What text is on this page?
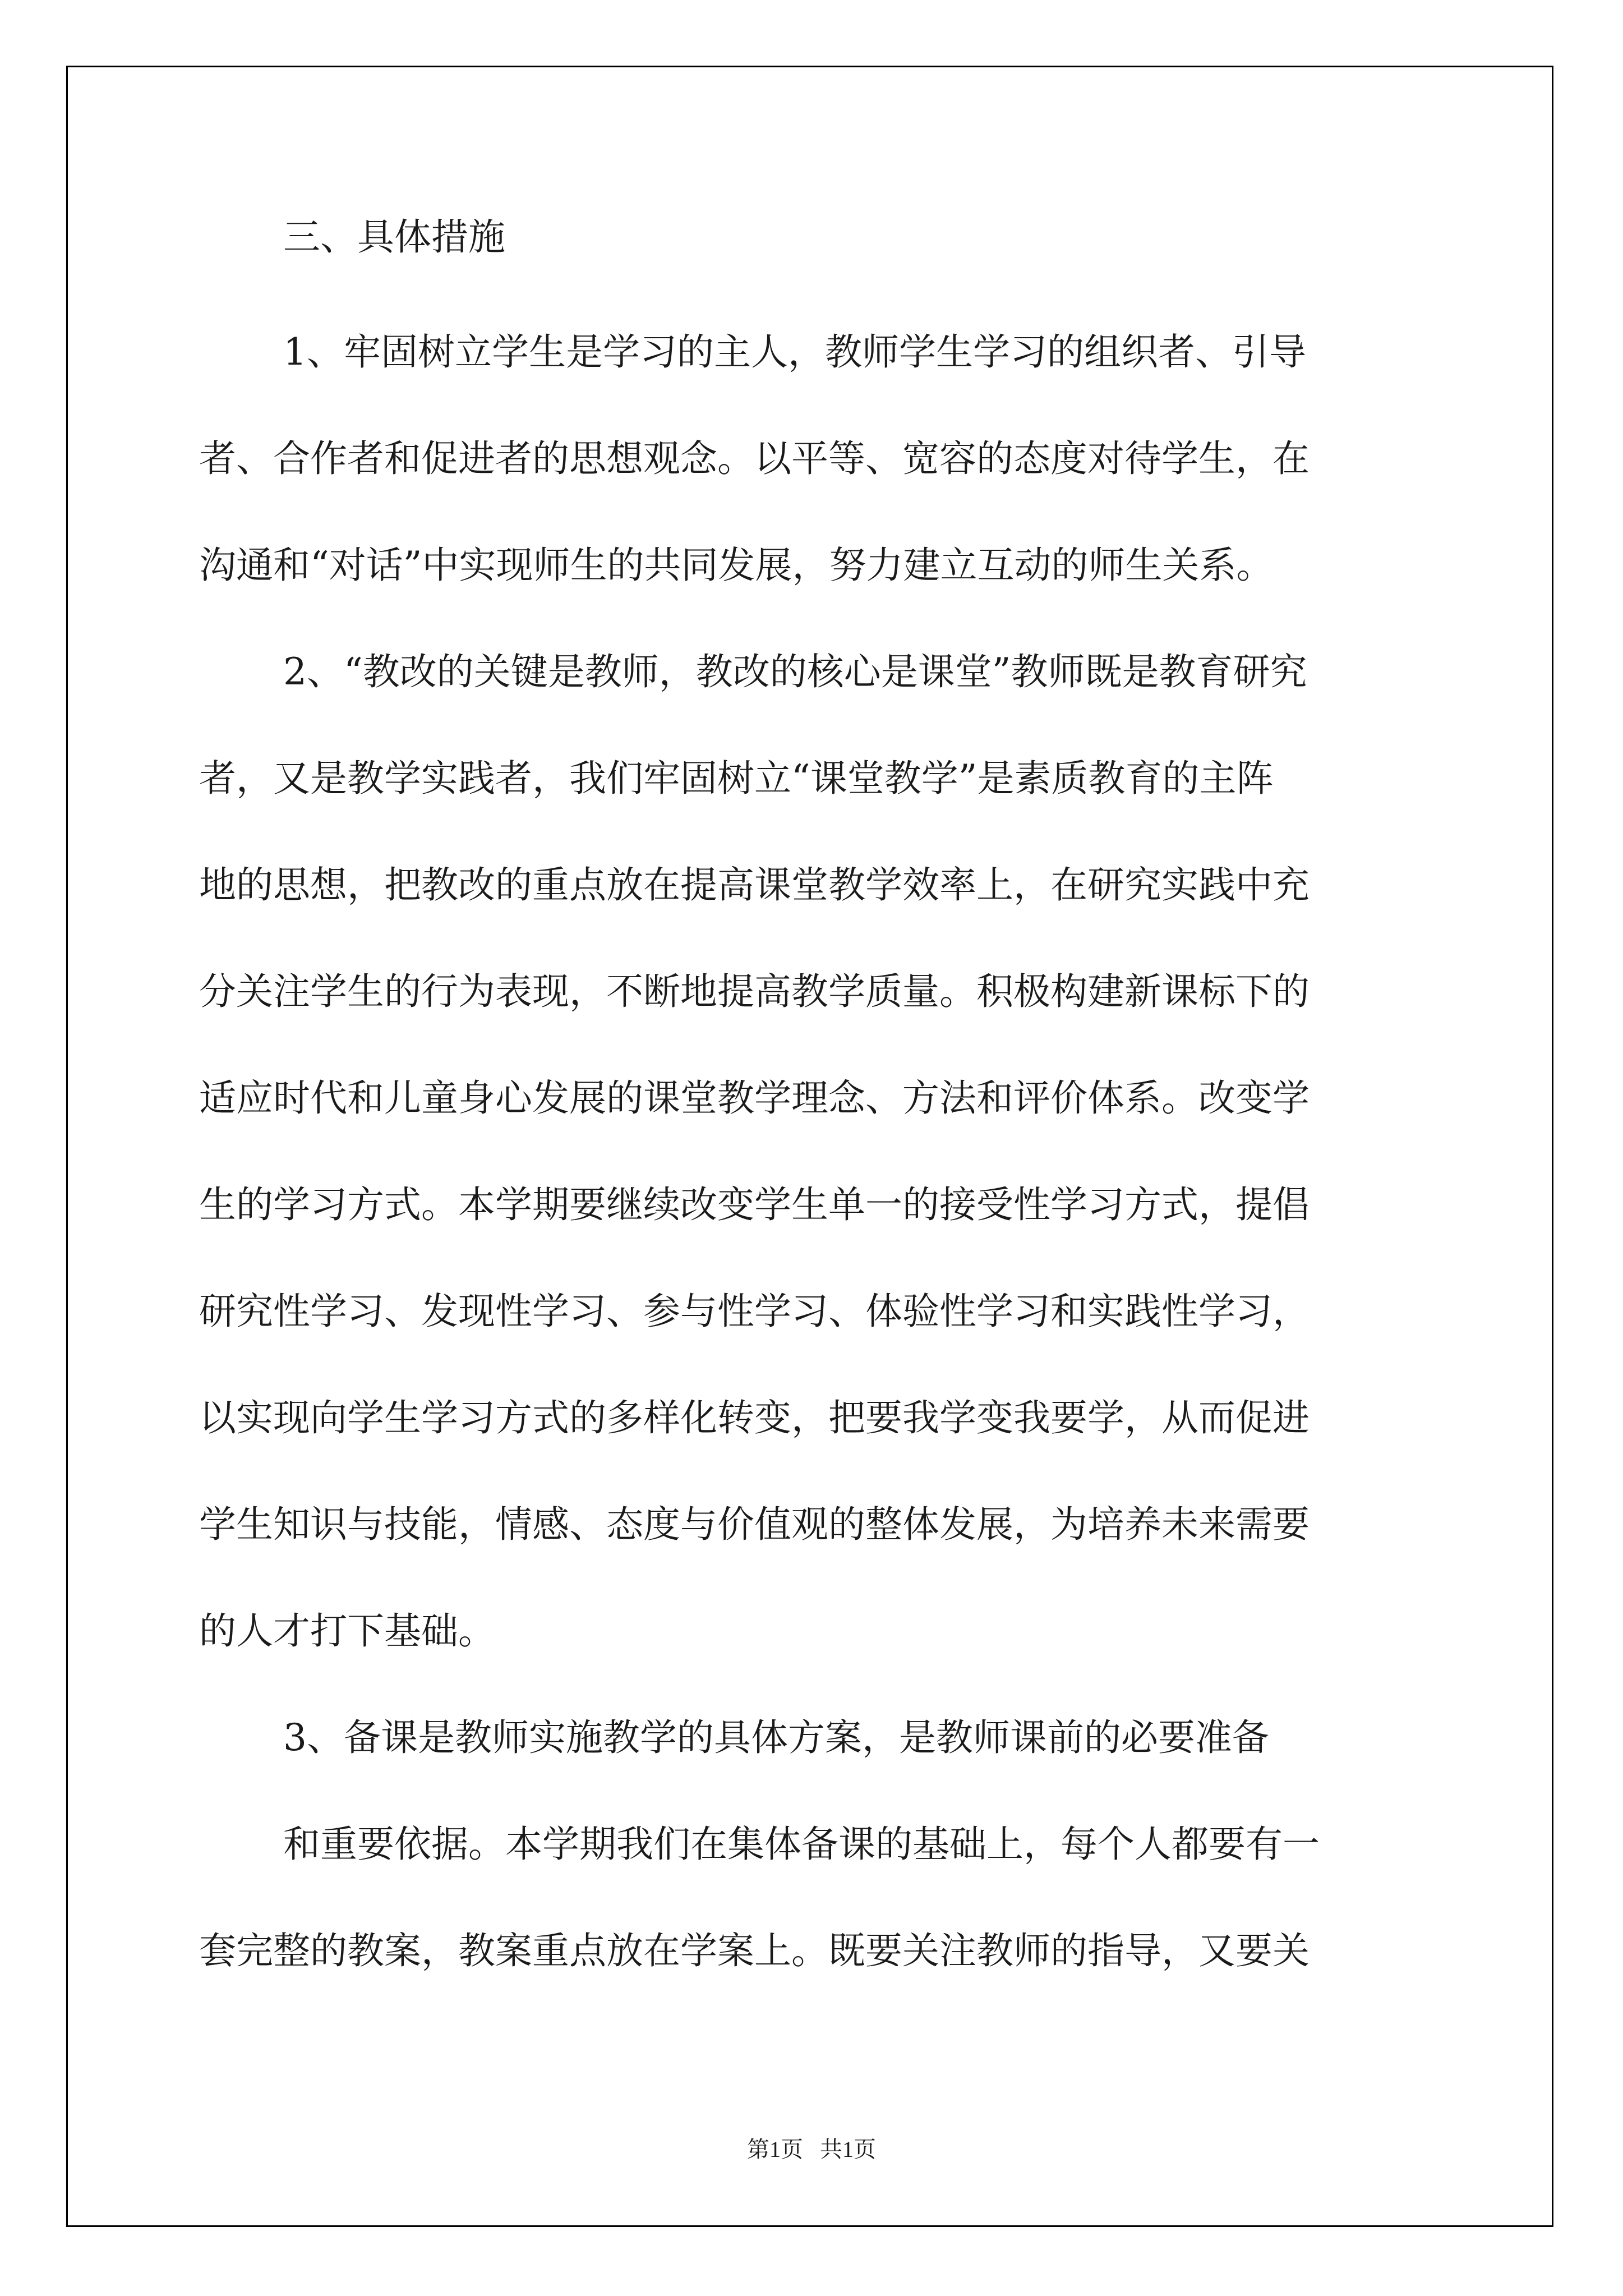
三、具体措施
1、牢固树立学生是学习的主人，教师学生学习的组织者、引导
者、合作者和促进者的思想观念。以平等、宽容的态度对待学生，在
沟通和“对话”中实现师生的共同发展，努力建立互动的师生关系。
2、“教改的关键是教师，教改的核心是课堂”教师既是教育研究
者，又是教学实践者，我们牢固树立“课堂教学”是素质教育的主阵
地的思想，把教改的重点放在提高课堂教学效率上，在研究实践中充
分关注学生的行为表现，不断地提高教学质量。积极构建新课标下的
适应时代和儿童身心发展的课堂教学理念、方法和评价体系。改变学
生的学习方式。本学期要继续改变学生单一的接受性学习方式，提倡
研究性学习、发现性学习、参与性学习、体验性学习和实践性学习，
以实现向学生学习方式的多样化转变，把要我学变我要学，从而促进
学生知识与技能，情感、态度与价值观的整体发展，为培养未来需要
的人才打下基础。
3、备课是教师实施教学的具体方案，是教师课前的必要准备
和重要依据。本学期我们在集体备课的基础上，每个人都要有一
套完整的教案，教案重点放在学案上。既要关注教师的指导，又要关
第1页   共1页
